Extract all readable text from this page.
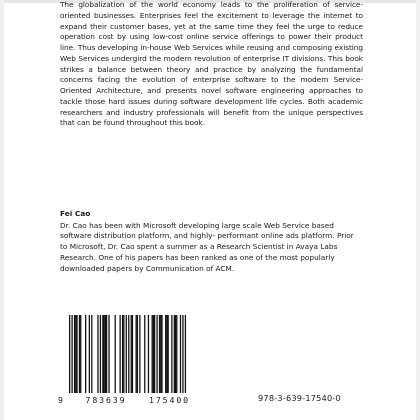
The globalization of the world economy leads to the proliferation of service-oriented businesses. Enterprises feel the excitement to leverage the internet to expand their customer bases, yet at the same time they feel the urge to reduce operation cost by using low-cost online service offerings to power their product line. Thus developing in-house Web Services while reusing and composing existing Web Services undergird the modern revolution of enterprise IT divisions. This book strikes a balance between theory and practice by analyzing the fundamental concerns facing the evolution of enterprise software to the modern Service-Oriented Architecture, and presents novel software engineering approaches to tackle those hard issues during software development life cycles. Both academic researchers and industry professionals will benefit from the unique perspectives that can be found throughout this book.

Fei Cao

Dr. Cao has been with Microsoft developing large scale Web Service based software distribution platform, and highly- performant online ads platform. Prior to Microsoft, Dr. Cao spent a summer as a Research Scientist in Avaya Labs Research. One of his papers has been ranked as one of the most popularly downloaded papers by Communication of ACM.

9	783639	175400	978-3-639-17540-0
